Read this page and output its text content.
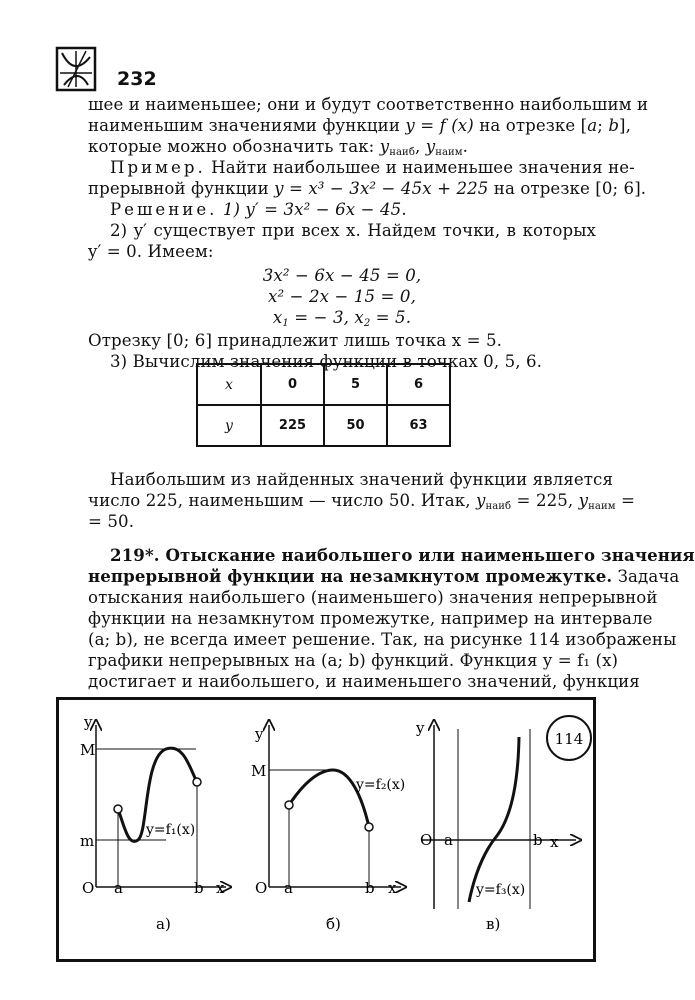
232
шее и наименьшее; они и будут соответственно наибольшим и
наименьшим значениями функции y = f (x) на отрезке [a; b],
которые можно обозначить так: $y_{наиб}$, $y_{наим}$.
Пример. Найти наибольшее и наименьшее значения не-
прерывной функции y = x³ − 3x² − 45x + 225 на отрезке [0; 6].
Решение. 1) y′ = 3x² − 6x − 45.
2) y′ существует при всех x. Найдем точки, в которых
y′ = 0. Имеем:
3x² − 6x − 45 = 0,
x² − 2x − 15 = 0,
$x_1$ = − 3, $x_2 = 5$.
Отрезку [0; 6] принадлежит лишь точка x = 5.
3) Вычислим значения функции в точках 0, 5, 6.
x	0	5	6
y	225	50	63
Наибольшим из найденных значений функции является
число 225, наименьшим — число 50. Итак, $y_{наиб} = 225$, $y_{наим}$ =
= 50.
219*. Отыскание наибольшего или наименьшего значения
непрерывной функции на незамкнутом промежутке. Задача
отыскания наибольшего (наименьшего) значения непрерывной
функции на незамкнутом промежутке, например на интервале
(a; b), не всегда имеет решение. Так, на рисунке 114 изображены
графики непрерывных на (a; b) функций. Функция y = f₁ (x)
достигает и наибольшего, и наименьшего значений, функция
114
y
M
m
O a	b x
y=f₁(x)
а)
y
M
O a	b x
y=f₂(x)
б)
y
O a	b x
y=f₃(x)
в)
